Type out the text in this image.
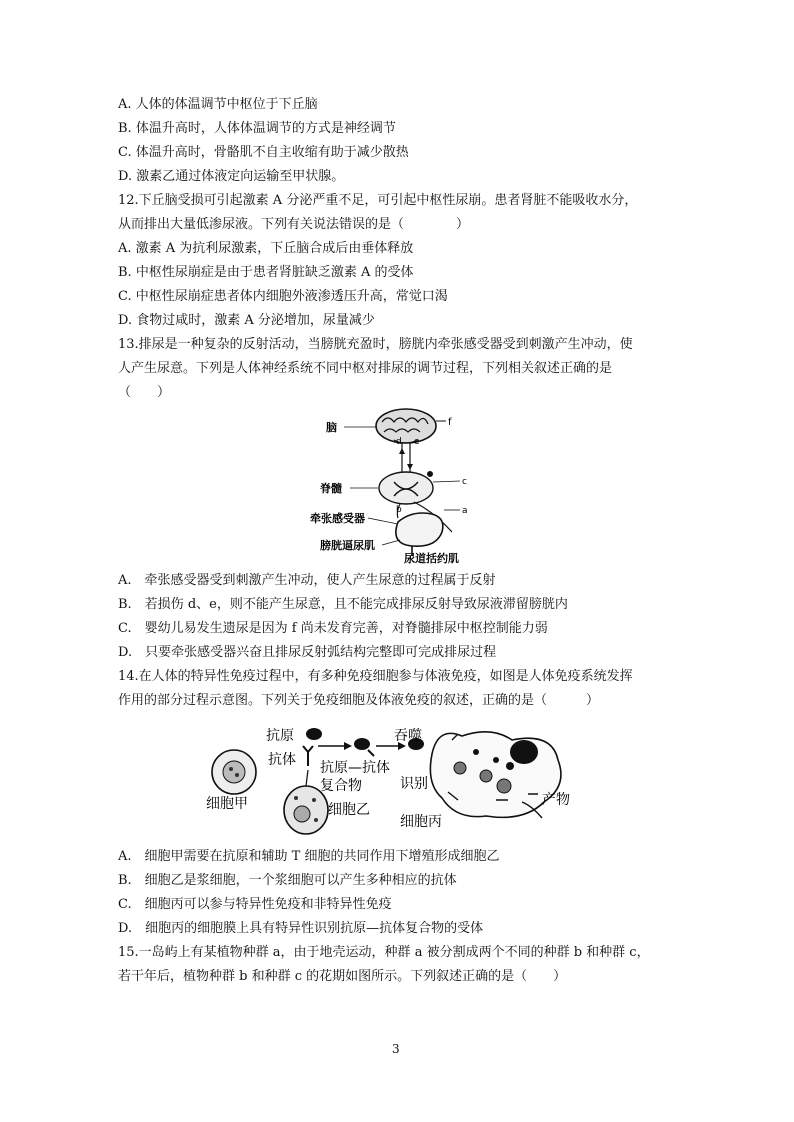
A. 人体的体温调节中枢位于下丘脑
B. 体温升高时，人体体温调节的方式是神经调节
C. 体温升高时，骨骼肌不自主收缩有助于减少散热
D. 激素乙通过体液定向运输至甲状腺。
12.下丘脑受损可引起激素 A 分泌严重不足，可引起中枢性尿崩。患者肾脏不能吸收水分，
从而排出大量低渗尿液。下列有关说法错误的是（　　　　）
A. 激素 A 为抗利尿激素，下丘脑合成后由垂体释放
B. 中枢性尿崩症是由于患者肾脏缺乏激素 A 的受体
C. 中枢性尿崩症患者体内细胞外液渗透压升高，常觉口渴
D. 食物过咸时，激素 A 分泌增加，尿量减少
13.排尿是一种复杂的反射活动，当膀胱充盈时，膀胱内牵张感受器受到刺激产生冲动，使
人产生尿意。下列是人体神经系统不同中枢对排尿的调节过程，下列相关叙述正确的是
（　　）
f
脑
d e
脊髓	c
b	a
牵张感受器
膀胱逼尿肌
尿道括约肌
A.　牵张感受器受到刺激产生冲动，使人产生尿意的过程属于反射
B.　若损伤 d、e，则不能产生尿意，且不能完成排尿反射导致尿液滞留膀胱内
C.　婴幼儿易发生遗尿是因为 f 尚未发育完善，对脊髓排尿中枢控制能力弱
D.　只要牵张感受器兴奋且排尿反射弧结构完整即可完成排尿过程
14.在人体的特异性免疫过程中，有多种免疫细胞参与体液免疫，如图是人体免疫系统发挥
作用的部分过程示意图。下列关于免疫细胞及体液免疫的叙述，正确的是（　　　）
细胞甲	细胞乙
抗原
抗体 抗原—抗体
复合物
吞噬
识别
产物
细胞丙
A.　细胞甲需要在抗原和辅助 T 细胞的共同作用下增殖形成细胞乙
B.　细胞乙是浆细胞，一个浆细胞可以产生多种相应的抗体
C.　细胞丙可以参与特异性免疫和非特异性免疫
D.　细胞丙的细胞膜上具有特异性识别抗原—抗体复合物的受体
15.一岛屿上有某植物种群 a，由于地壳运动，种群 a 被分割成两个不同的种群 b 和种群 c，
若干年后，植物种群 b 和种群 c 的花期如图所示。下列叙述正确的是（　　）
3
